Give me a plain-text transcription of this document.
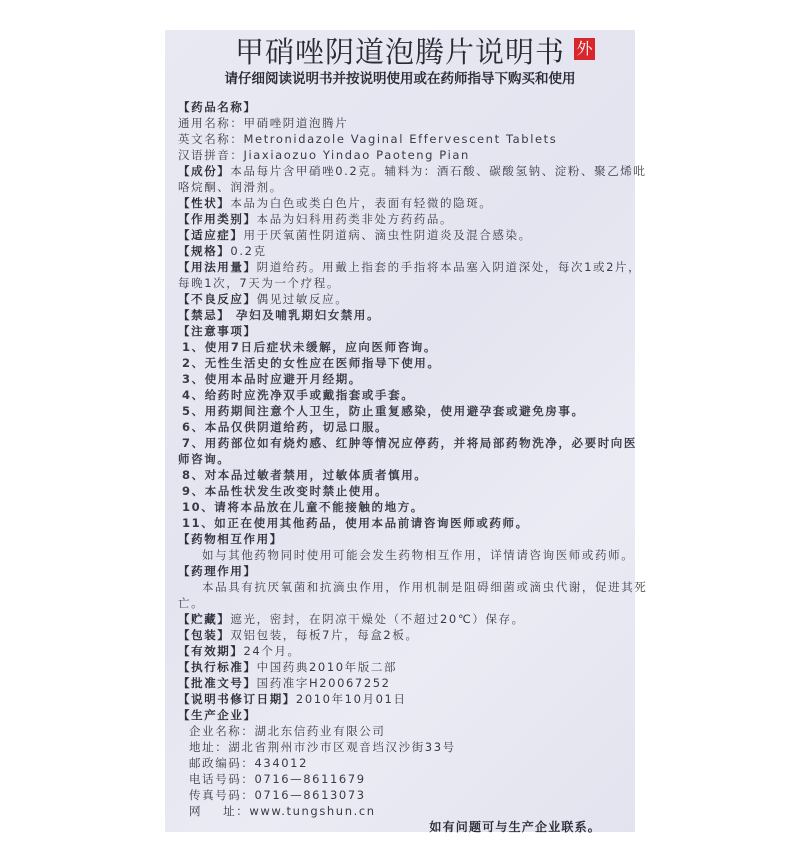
甲硝唑阴道泡腾片说明书 外
请仔细阅读说明书并按说明使用或在药师指导下购买和使用
【药品名称】
通用名称：甲硝唑阴道泡腾片
英文名称：Metronidazole Vaginal Effervescent Tablets
汉语拼音：Jiaxiaozuo Yindao Paoteng Pian
【成份】本品每片含甲硝唑0.2克。辅料为：酒石酸、碳酸氢钠、淀粉、聚乙烯吡
咯烷酮、润滑剂。
【性状】本品为白色或类白色片，表面有轻微的隐斑。
【作用类别】本品为妇科用药类非处方药药品。
【适应症】用于厌氧菌性阴道病、滴虫性阴道炎及混合感染。
【规格】0.2克
【用法用量】阴道给药。用戴上指套的手指将本品塞入阴道深处，每次1或2片，
每晚1次，7天为一个疗程。
【不良反应】偶见过敏反应。
【禁忌】 孕妇及哺乳期妇女禁用。
【注意事项】
1、使用7日后症状未缓解，应向医师咨询。
2、无性生活史的女性应在医师指导下使用。
3、使用本品时应避开月经期。
4、给药时应洗净双手或戴指套或手套。
5、用药期间注意个人卫生，防止重复感染，使用避孕套或避免房事。
6、本品仅供阴道给药，切忌口服。
7、用药部位如有烧灼感、红肿等情况应停药，并将局部药物洗净，必要时向医
师咨询。
8、对本品过敏者禁用，过敏体质者慎用。
9、本品性状发生改变时禁止使用。
10、请将本品放在儿童不能接触的地方。
11、如正在使用其他药品，使用本品前请咨询医师或药师。
【药物相互作用】
如与其他药物同时使用可能会发生药物相互作用，详情请咨询医师或药师。
【药理作用】
本品具有抗厌氧菌和抗滴虫作用，作用机制是阻碍细菌或滴虫代谢，促进其死
亡。
【贮藏】遮光，密封，在阴凉干燥处（不超过20℃）保存。
【包装】双铝包装，每板7片，每盒2板。
【有效期】24个月。
【执行标准】中国药典2010年版二部
【批准文号】国药准字H20067252
【说明书修订日期】2010年10月01日
【生产企业】
企业名称：湖北东信药业有限公司
地址：湖北省荆州市沙市区观音垱汉沙街33号
邮政编码：434012
电话号码：0716—8611679
传真号码：0716—8613073
网    址：www.tungshun.cn
如有问题可与生产企业联系。
